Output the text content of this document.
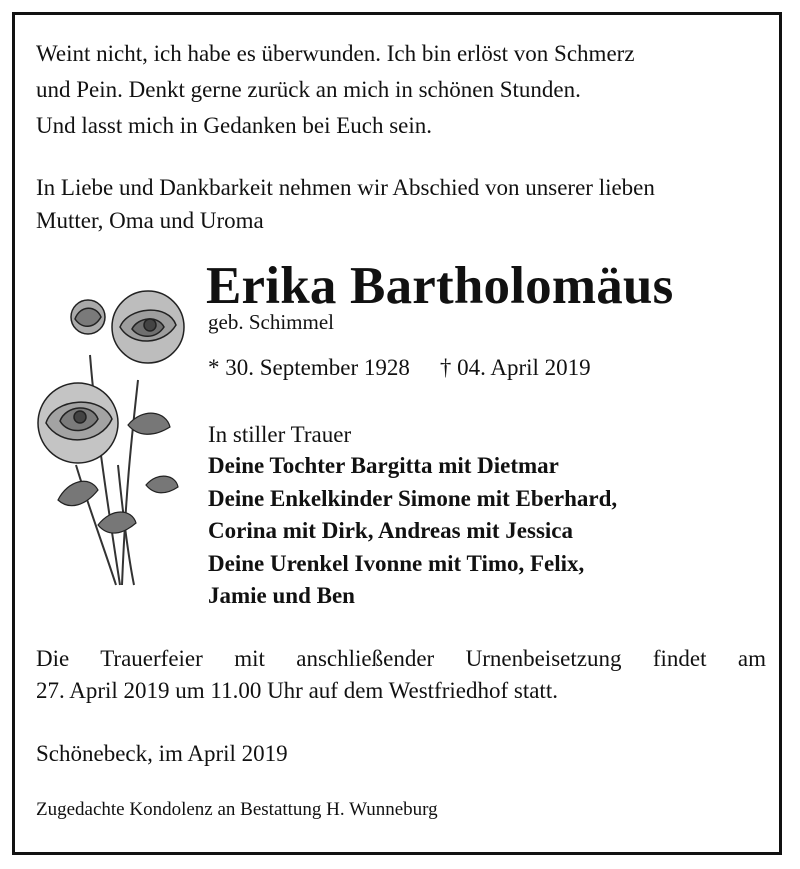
Weint nicht, ich habe es überwunden. Ich bin erlöst von Schmerz
und Pein. Denkt gerne zurück an mich in schönen Stunden.
Und lasst mich in Gedanken bei Euch sein.
In Liebe und Dankbarkeit nehmen wir Abschied von unserer lieben
Mutter, Oma und Uroma
Erika Bartholomäus
geb. Schimmel
* 30. September 1928 † 04. April 2019
In stiller Trauer
Deine Tochter Bargitta mit Dietmar
Deine Enkelkinder Simone mit Eberhard,
Corina mit Dirk, Andreas mit Jessica
Deine Urenkel Ivonne mit Timo, Felix,
Jamie und Ben
Die Trauerfeier mit anschließender Urnenbeisetzung findet am
27. April 2019 um 11.00 Uhr auf dem Westfriedhof statt.
Schönebeck, im April 2019
Zugedachte Kondolenz an Bestattung H. Wunneburg
